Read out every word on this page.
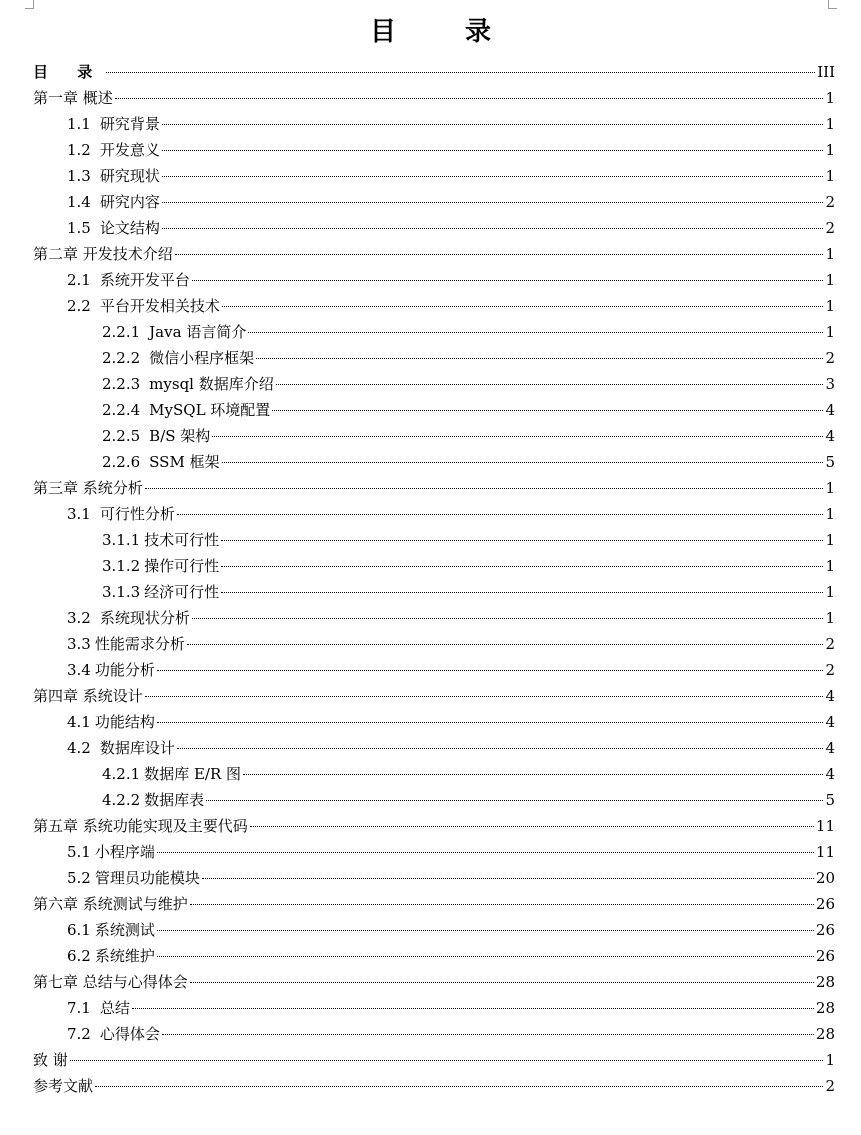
目 录
目 录	III
第一章 概述	1
1.1 研究背景	1
1.2 开发意义	1
1.3 研究现状	1
1.4 研究内容	2
1.5 论文结构	2
第二章 开发技术介绍	1
2.1 系统开发平台	1
2.2 平台开发相关技术	1
2.2.1 Java 语言简介	1
2.2.2 微信小程序框架	2
2.2.3 mysql 数据库介绍	3
2.2.4 MySQL 环境配置	4
2.2.5 B/S 架构	4
2.2.6 SSM 框架	5
第三章 系统分析	1
3.1 可行性分析	1
3.1.1 技术可行性	1
3.1.2 操作可行性	1
3.1.3 经济可行性	1
3.2 系统现状分析	1
3.3 性能需求分析	2
3.4 功能分析	2
第四章 系统设计	4
4.1 功能结构	4
4.2 数据库设计	4
4.2.1 数据库 E/R 图	4
4.2.2 数据库表	5
第五章 系统功能实现及主要代码	11
5.1 小程序端	11
5.2 管理员功能模块	20
第六章 系统测试与维护	26
6.1 系统测试	26
6.2 系统维护	26
第七章 总结与心得体会	28
7.1 总结	28
7.2 心得体会	28
致 谢	1
参考文献	2
